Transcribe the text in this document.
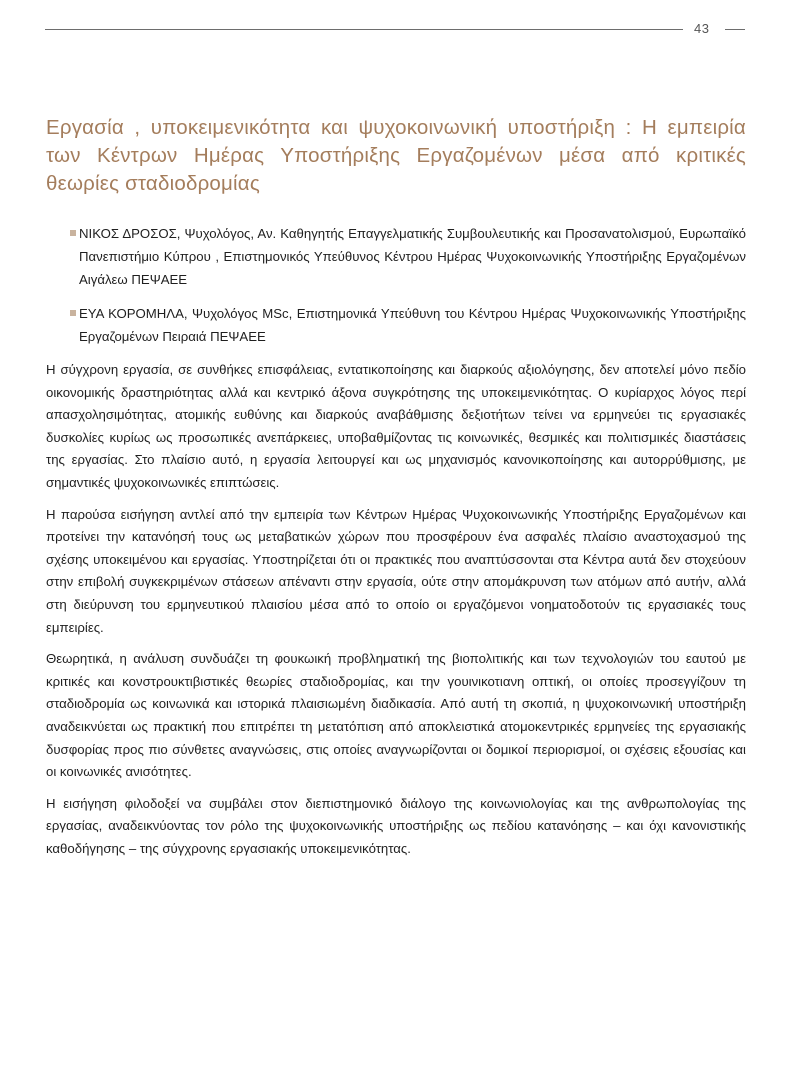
43
Εργασία , υποκειμενικότητα και ψυχοκοινωνική υποστήριξη : Η εμπειρία των Κέντρων Ημέρας Υποστήριξης Εργαζομένων μέσα από κριτικές θεωρίες σταδιοδρομίας
ΝΙΚΟΣ ΔΡΟΣΟΣ, Ψυχολόγος, Αν. Καθηγητής Επαγγελματικής Συμβουλευτικής και Προσανατολισμού, Ευρωπαϊκό Πανεπιστήμιο Κύπρου , Επιστημονικός Υπεύθυνος Κέντρου Ημέρας Ψυχοκοινωνικής Υποστήριξης Εργαζομένων Αιγάλεω ΠΕΨΑΕΕ
ΕΥΑ ΚΟΡΟΜΗΛΑ, Ψυχολόγος MSc, Επιστημονικά Υπεύθυνη του Κέντρου Ημέρας Ψυχοκοινωνικής Υποστήριξης Εργαζομένων Πειραιά ΠΕΨΑΕΕ

Η σύγχρονη εργασία, σε συνθήκες επισφάλειας, εντατικοποίησης και διαρκούς αξιολόγησης, δεν αποτελεί μόνο πεδίο οικονομικής δραστηριότητας αλλά και κεντρικό άξονα συγκρότησης της υποκειμενικότητας. Ο κυρίαρχος λόγος περί απασχολησιμότητας, ατομικής ευθύνης και διαρκούς αναβάθμισης δεξιοτήτων τείνει να ερμηνεύει τις εργασιακές δυσκολίες κυρίως ως προσωπικές ανεπάρκειες, υποβαθμίζοντας τις κοινωνικές, θεσμικές και πολιτισμικές διαστάσεις της εργασίας. Στο πλαίσιο αυτό, η εργασία λειτουργεί και ως μηχανισμός κανονικοποίησης και αυτορρύθμισης, με σημαντικές ψυχοκοινωνικές επιπτώσεις.

Η παρούσα εισήγηση αντλεί από την εμπειρία των Κέντρων Ημέρας Ψυχοκοινωνικής Υποστήριξης Εργαζομένων και προτείνει την κατανόησή τους ως μεταβατικών χώρων που προσφέρουν ένα ασφαλές πλαίσιο αναστοχασμού της σχέσης υποκειμένου και εργασίας. Υποστηρίζεται ότι οι πρακτικές που αναπτύσσονται στα Κέντρα αυτά δεν στοχεύουν στην επιβολή συγκεκριμένων στάσεων απέναντι στην εργασία, ούτε στην απομάκρυνση των ατόμων από αυτήν, αλλά στη διεύρυνση του ερμηνευτικού πλαισίου μέσα από το οποίο οι εργαζόμενοι νοηματοδοτούν τις εργασιακές τους εμπειρίες.

Θεωρητικά, η ανάλυση συνδυάζει τη φουκωική προβληματική της βιοπολιτικής και των τεχνολογιών του εαυτού με κριτικές και κονστρουκτιβιστικές θεωρίες σταδιοδρομίας, και την γουινικοτιανη οπτική, οι οποίες προσεγγίζουν τη σταδιοδρομία ως κοινωνικά και ιστορικά πλαισιωμένη διαδικασία. Από αυτή τη σκοπιά, η ψυχοκοινωνική υποστήριξη αναδεικνύεται ως πρακτική που επιτρέπει τη μετατόπιση από αποκλειστικά ατομοκεντρικές ερμηνείες της εργασιακής δυσφορίας προς πιο σύνθετες αναγνώσεις, στις οποίες αναγνωρίζονται οι δομικοί περιορισμοί, οι σχέσεις εξουσίας και οι κοινωνικές ανισότητες.

Η εισήγηση φιλοδοξεί να συμβάλει στον διεπιστημονικό διάλογο της κοινωνιολογίας και της ανθρωπολογίας της εργασίας, αναδεικνύοντας τον ρόλο της ψυχοκοινωνικής υποστήριξης ως πεδίου κατανόησης – και όχι κανονιστικής καθοδήγησης – της σύγχρονης εργασιακής υποκειμενικότητας.
